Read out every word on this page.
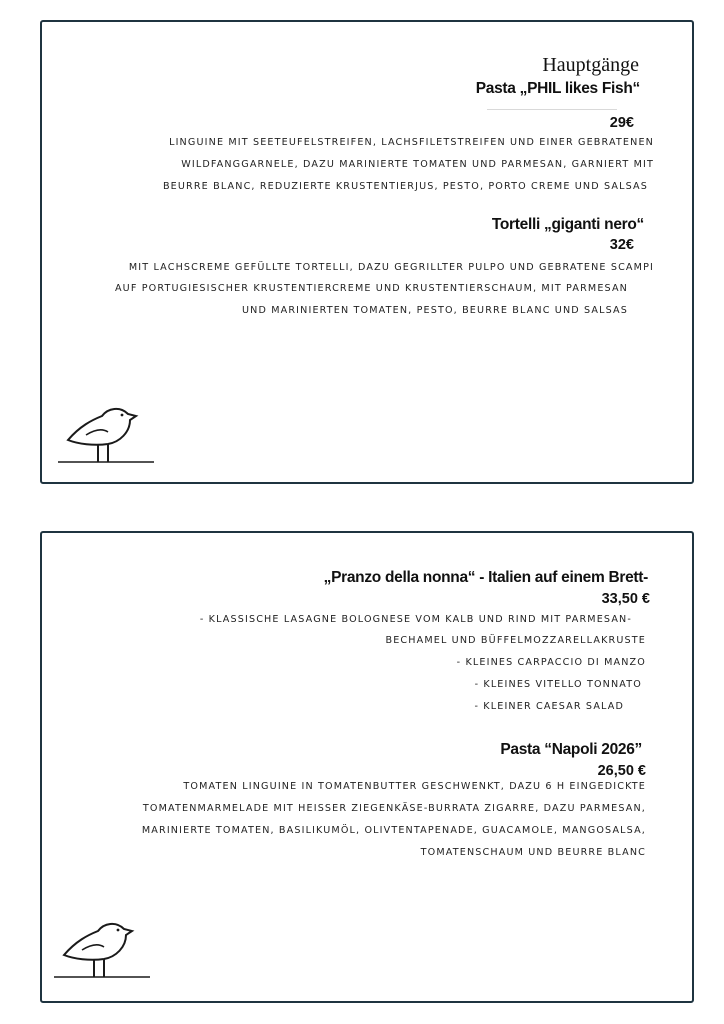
Hauptgänge
Pasta „PHIL likes Fish“
29€
LINGUINE MIT SEETEUFELSTREIFEN, LACHSFILETSTREIFEN UND EINER GEBRATENEN
WILDFANGGARNELE, DAZU MARINIERTE TOMATEN UND PARMESAN, GARNIERT MIT
BEURRE BLANC, REDUZIERTE KRUSTENTIERJUS, PESTO, PORTO CREME UND SALSAS
Tortelli „giganti nero“
32€
MIT LACHSCREME GEFÜLLTE TORTELLI, DAZU GEGRILLTER PULPO UND GEBRATENE SCAMPI
AUF PORTUGIESISCHER KRUSTENTIERCREME UND KRUSTENTIERSCHAUM, MIT PARMESAN
UND MARINIERTEN TOMATEN, PESTO, BEURRE BLANC UND SALSAS
„Pranzo della nonna“ - Italien auf einem Brett-
33,50 €
- KLASSISCHE LASAGNE BOLOGNESE VOM KALB UND RIND MIT PARMESAN-
BECHAMEL UND BÜFFELMOZZARELLAKRUSTE
- KLEINES CARPACCIO DI MANZO
- KLEINES VITELLO TONNATO
- KLEINER CAESAR SALAD
Pasta “Napoli 2026”
26,50 €
TOMATEN LINGUINE IN TOMATENBUTTER GESCHWENKT, DAZU 6 H EINGEDICKTE
TOMATENMARMELADE MIT HEISSER ZIEGENKÄSE-BURRATA ZIGARRE, DAZU PARMESAN,
MARINIERTE TOMATEN, BASILIKUMÖL, OLIVTENTAPENADE, GUACAMOLE, MANGOSALSA,
TOMATENSCHAUM UND BEURRE BLANC
